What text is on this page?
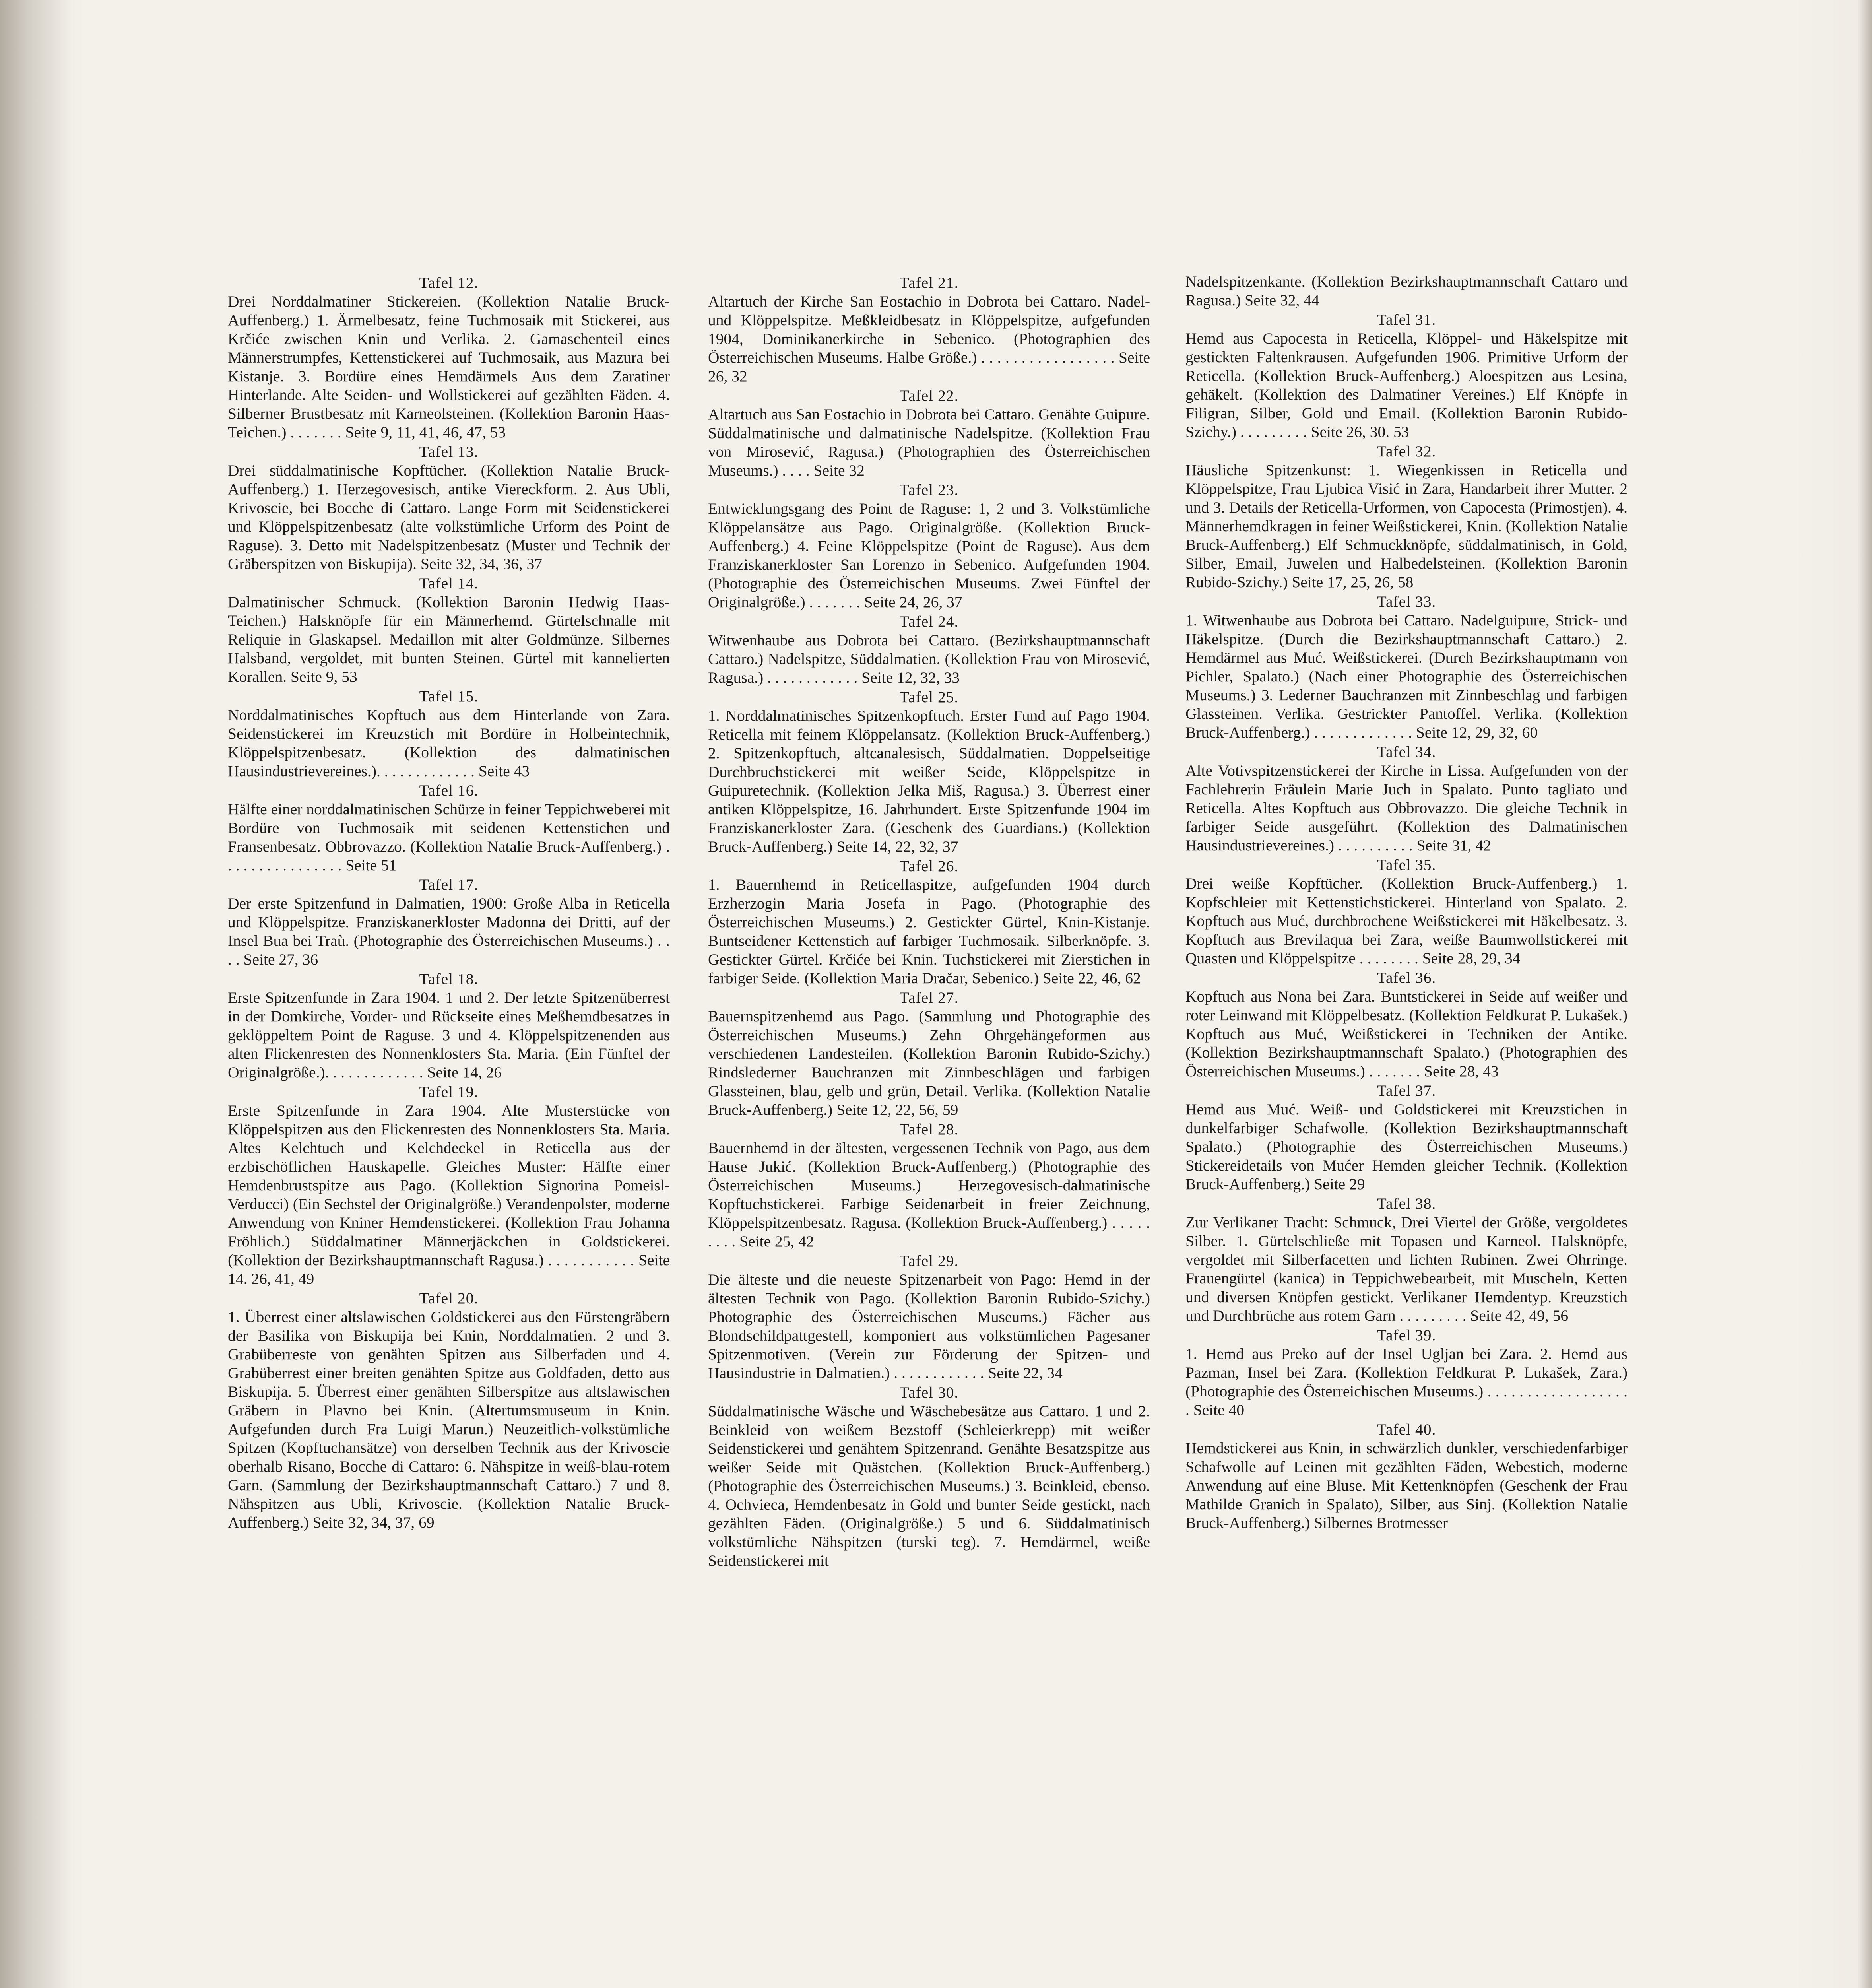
Tafel 12.
Drei Norddalmatiner Stickereien. (Kollektion Natalie Bruck-Auffenberg.) 1. Ärmelbesatz, feine Tuchmosaik mit Stickerei, aus Krčiće zwischen Knin und Verlika. 2. Gamaschenteil eines Männerstrumpfes, Kettenstickerei auf Tuchmosaik, aus Mazura bei Kistanje. 3. Bordüre eines Hemdärmels Aus dem Zaratiner Hinterlande. Alte Seiden- und Wollstickerei auf gezählten Fäden. 4. Silberner Brustbesatz mit Karneolsteinen. (Kollektion Baronin Haas-Teichen.) . . . . . . . Seite 9, 11, 41, 46, 47, 53
Tafel 13.
Drei süddalmatinische Kopftücher. (Kollektion Natalie Bruck-Auffenberg.) 1. Herzegovesisch, antike Viereckform. 2. Aus Ubli, Krivoscie, bei Bocche di Cattaro. Lange Form mit Seidenstickerei und Klöppelspitzenbesatz (alte volkstümliche Urform des Point de Raguse). 3. Detto mit Nadelspitzenbesatz (Muster und Technik der Gräberspitzen von Biskupija). Seite 32, 34, 36, 37
Tafel 14.
Dalmatinischer Schmuck. (Kollektion Baronin Hedwig Haas-Teichen.) Halsknöpfe für ein Männerhemd. Gürtelschnalle mit Reliquie in Glaskapsel. Medaillon mit alter Goldmünze. Silbernes Halsband, vergoldet, mit bunten Steinen. Gürtel mit kannelierten Korallen. Seite 9, 53
Tafel 15.
Norddalmatinisches Kopftuch aus dem Hinterlande von Zara. Seidenstickerei im Kreuzstich mit Bordüre in Holbeintechnik, Klöppelspitzenbesatz. (Kollektion des dalmatinischen Hausindustrievereines.). . . . . . . . . . . . . Seite 43
Tafel 16.
Hälfte einer norddalmatinischen Schürze in feiner Teppichweberei mit Bordüre von Tuchmosaik mit seidenen Kettenstichen und Fransenbesatz. Obbrovazzo. (Kollektion Natalie Bruck-Auffenberg.) . . . . . . . . . . . . . . . . Seite 51
Tafel 17.
Der erste Spitzenfund in Dalmatien, 1900: Große Alba in Reticella und Klöppelspitze. Franziskanerkloster Madonna dei Dritti, auf der Insel Bua bei Traù. (Photographie des Österreichischen Museums.) . . . . Seite 27, 36
Tafel 18.
Erste Spitzenfunde in Zara 1904. 1 und 2. Der letzte Spitzenüberrest in der Domkirche, Vorder- und Rückseite eines Meßhemdbesatzes in geklöppeltem Point de Raguse. 3 und 4. Klöppelspitzenenden aus alten Flickenresten des Nonnenklosters Sta. Maria. (Ein Fünftel der Originalgröße.). . . . . . . . . . . . . Seite 14, 26
Tafel 19.
Erste Spitzenfunde in Zara 1904. Alte Musterstücke von Klöppelspitzen aus den Flickenresten des Nonnenklosters Sta. Maria. Altes Kelchtuch und Kelchdeckel in Reticella aus der erzbischöflichen Hauskapelle. Gleiches Muster: Hälfte einer Hemdenbrustspitze aus Pago. (Kollektion Signorina Pomeisl-Verducci) (Ein Sechstel der Originalgröße.) Verandenpolster, moderne Anwendung von Kniner Hemdenstickerei. (Kollektion Frau Johanna Fröhlich.) Süddalmatiner Männerjäckchen in Goldstickerei. (Kollektion der Bezirkshauptmannschaft Ragusa.) . . . . . . . . . . . Seite 14. 26, 41, 49
Tafel 20.
1. Überrest einer altslawischen Goldstickerei aus den Fürstengräbern der Basilika von Biskupija bei Knin, Norddalmatien. 2 und 3. Grabüberreste von genähten Spitzen aus Silberfaden und 4. Grabüberrest einer breiten genähten Spitze aus Goldfaden, detto aus Biskupija. 5. Überrest einer genähten Silberspitze aus altslawischen Gräbern in Plavno bei Knin. (Altertumsmuseum in Knin. Aufgefunden durch Fra Luigi Marun.) Neuzeitlich-volkstümliche Spitzen (Kopftuchansätze) von derselben Technik aus der Krivoscie oberhalb Risano, Bocche di Cattaro: 6. Nähspitze in weiß-blau-rotem Garn. (Sammlung der Bezirkshauptmannschaft Cattaro.) 7 und 8. Nähspitzen aus Ubli, Krivoscie. (Kollektion Natalie Bruck-Auffenberg.) Seite 32, 34, 37, 69
Tafel 21.
Altartuch der Kirche San Eostachio in Dobrota bei Cattaro. Nadel- und Klöppelspitze. Meßkleidbesatz in Klöppelspitze, aufgefunden 1904, Dominikanerkirche in Sebenico. (Photographien des Österreichischen Museums. Halbe Größe.) . . . . . . . . . . . . . . . . . Seite 26, 32
Tafel 22.
Altartuch aus San Eostachio in Dobrota bei Cattaro. Genähte Guipure. Süddalmatinische und dalmatinische Nadelspitze. (Kollektion Frau von Mirosević, Ragusa.) (Photographien des Österreichischen Museums.) . . . . Seite 32
Tafel 23.
Entwicklungsgang des Point de Raguse: 1, 2 und 3. Volkstümliche Klöppelansätze aus Pago. Originalgröße. (Kollektion Bruck-Auffenberg.) 4. Feine Klöppelspitze (Point de Raguse). Aus dem Franziskanerkloster San Lorenzo in Sebenico. Aufgefunden 1904. (Photographie des Österreichischen Museums. Zwei Fünftel der Originalgröße.) . . . . . . . Seite 24, 26, 37
Tafel 24.
Witwenhaube aus Dobrota bei Cattaro. (Bezirkshauptmannschaft Cattaro.) Nadelspitze, Süddalmatien. (Kollektion Frau von Mirosević, Ragusa.) . . . . . . . . . . . . Seite 12, 32, 33
Tafel 25.
1. Norddalmatinisches Spitzenkopftuch. Erster Fund auf Pago 1904. Reticella mit feinem Klöppelansatz. (Kollektion Bruck-Auffenberg.) 2. Spitzenkopftuch, altcanalesisch, Süddalmatien. Doppelseitige Durchbruchstickerei mit weißer Seide, Klöppelspitze in Guipuretechnik. (Kollektion Jelka Miš, Ragusa.) 3. Überrest einer antiken Klöppelspitze, 16. Jahrhundert. Erste Spitzenfunde 1904 im Franziskanerkloster Zara. (Geschenk des Guardians.) (Kollektion Bruck-Auffenberg.) Seite 14, 22, 32, 37
Tafel 26.
1. Bauernhemd in Reticellaspitze, aufgefunden 1904 durch Erzherzogin Maria Josefa in Pago. (Photographie des Österreichischen Museums.) 2. Gestickter Gürtel, Knin-Kistanje. Buntseidener Kettenstich auf farbiger Tuchmosaik. Silberknöpfe. 3. Gestickter Gürtel. Krčiće bei Knin. Tuchstickerei mit Zierstichen in farbiger Seide. (Kollektion Maria Dračar, Sebenico.) Seite 22, 46, 62
Tafel 27.
Bauernspitzenhemd aus Pago. (Sammlung und Photographie des Österreichischen Museums.) Zehn Ohrgehängeformen aus verschiedenen Landesteilen. (Kollektion Baronin Rubido-Szichy.) Rindslederner Bauchranzen mit Zinnbeschlägen und farbigen Glassteinen, blau, gelb und grün, Detail. Verlika. (Kollektion Natalie Bruck-Auffenberg.) Seite 12, 22, 56, 59
Tafel 28.
Bauernhemd in der ältesten, vergessenen Technik von Pago, aus dem Hause Jukić. (Kollektion Bruck-Auffenberg.) (Photographie des Österreichischen Museums.) Herzegovesisch-dalmatinische Kopftuchstickerei. Farbige Seidenarbeit in freier Zeichnung, Klöppelspitzenbesatz. Ragusa. (Kollektion Bruck-Auffenberg.) . . . . . . . . . Seite 25, 42
Tafel 29.
Die älteste und die neueste Spitzenarbeit von Pago: Hemd in der ältesten Technik von Pago. (Kollektion Baronin Rubido-Szichy.) Photographie des Österreichischen Museums.) Fächer aus Blondschildpattgestell, komponiert aus volkstümlichen Pagesaner Spitzenmotiven. (Verein zur Förderung der Spitzen- und Hausindustrie in Dalmatien.) . . . . . . . . . . . . Seite 22, 34
Tafel 30.
Süddalmatinische Wäsche und Wäschebesätze aus Cattaro. 1 und 2. Beinkleid von weißem Bezstoff (Schleierkrepp) mit weißer Seidenstickerei und genähtem Spitzenrand. Genähte Besatzspitze aus weißer Seide mit Quästchen. (Kollektion Bruck-Auffenberg.) (Photographie des Österreichischen Museums.) 3. Beinkleid, ebenso. 4. Ochvieca, Hemdenbesatz in Gold und bunter Seide gestickt, nach gezählten Fäden. (Originalgröße.) 5 und 6. Süddalmatinisch volkstümliche Nähspitzen (turski teg). 7. Hemdärmel, weiße Seidenstickerei mit
Nadelspitzenkante. (Kollektion Bezirkshauptmannschaft Cattaro und Ragusa.) Seite 32, 44
Tafel 31.
Hemd aus Capocesta in Reticella, Klöppel- und Häkelspitze mit gestickten Faltenkrausen. Aufgefunden 1906. Primitive Urform der Reticella. (Kollektion Bruck-Auffenberg.) Aloespitzen aus Lesina, gehäkelt. (Kollektion des Dalmatiner Vereines.) Elf Knöpfe in Filigran, Silber, Gold und Email. (Kollektion Baronin Rubido-Szichy.) . . . . . . . . . Seite 26, 30. 53
Tafel 32.
Häusliche Spitzenkunst: 1. Wiegenkissen in Reticella und Klöppelspitze, Frau Ljubica Visić in Zara, Handarbeit ihrer Mutter. 2 und 3. Details der Reticella-Urformen, von Capocesta (Primostjen). 4. Männerhemdkragen in feiner Weißstickerei, Knin. (Kollektion Natalie Bruck-Auffenberg.) Elf Schmuckknöpfe, süddalmatinisch, in Gold, Silber, Email, Juwelen und Halbedelsteinen. (Kollektion Baronin Rubido-Szichy.) Seite 17, 25, 26, 58
Tafel 33.
1. Witwenhaube aus Dobrota bei Cattaro. Nadelguipure, Strick- und Häkelspitze. (Durch die Bezirkshauptmannschaft Cattaro.) 2. Hemdärmel aus Muć. Weißstickerei. (Durch Bezirkshauptmann von Pichler, Spalato.) (Nach einer Photographie des Österreichischen Museums.) 3. Lederner Bauchranzen mit Zinnbeschlag und farbigen Glassteinen. Verlika. Gestrickter Pantoffel. Verlika. (Kollektion Bruck-Auffenberg.) . . . . . . . . . . . . . Seite 12, 29, 32, 60
Tafel 34.
Alte Votivspitzenstickerei der Kirche in Lissa. Aufgefunden von der Fachlehrerin Fräulein Marie Juch in Spalato. Punto tagliato und Reticella. Altes Kopftuch aus Obbrovazzo. Die gleiche Technik in farbiger Seide ausgeführt. (Kollektion des Dalmatinischen Hausindustrievereines.) . . . . . . . . . . Seite 31, 42
Tafel 35.
Drei weiße Kopftücher. (Kollektion Bruck-Auffenberg.) 1. Kopfschleier mit Kettenstichstickerei. Hinterland von Spalato. 2. Kopftuch aus Muć, durchbrochene Weißstickerei mit Häkelbesatz. 3. Kopftuch aus Brevilaqua bei Zara, weiße Baumwollstickerei mit Quasten und Klöppelspitze . . . . . . . . Seite 28, 29, 34
Tafel 36.
Kopftuch aus Nona bei Zara. Buntstickerei in Seide auf weißer und roter Leinwand mit Klöppelbesatz. (Kollektion Feldkurat P. Lukašek.) Kopftuch aus Muć, Weißstickerei in Techniken der Antike. (Kollektion Bezirkshauptmannschaft Spalato.) (Photographien des Österreichischen Museums.) . . . . . . . Seite 28, 43
Tafel 37.
Hemd aus Muć. Weiß- und Goldstickerei mit Kreuzstichen in dunkelfarbiger Schafwolle. (Kollektion Bezirkshauptmannschaft Spalato.) (Photographie des Österreichischen Museums.) Stickereidetails von Mućer Hemden gleicher Technik. (Kollektion Bruck-Auffenberg.) Seite 29
Tafel 38.
Zur Verlikaner Tracht: Schmuck, Drei Viertel der Größe, vergoldetes Silber. 1. Gürtelschließe mit Topasen und Karneol. Halsknöpfe, vergoldet mit Silberfacetten und lichten Rubinen. Zwei Ohrringe. Frauengürtel (kanica) in Teppichwebearbeit, mit Muscheln, Ketten und diversen Knöpfen gestickt. Verlikaner Hemdentyp. Kreuzstich und Durchbrüche aus rotem Garn . . . . . . . . . Seite 42, 49, 56
Tafel 39.
1. Hemd aus Preko auf der Insel Ugljan bei Zara. 2. Hemd aus Pazman, Insel bei Zara. (Kollektion Feldkurat P. Lukašek, Zara.) (Photographie des Österreichischen Museums.) . . . . . . . . . . . . . . . . . . . Seite 40
Tafel 40.
Hemdstickerei aus Knin, in schwärzlich dunkler, verschiedenfarbiger Schafwolle auf Leinen mit gezählten Fäden, Webestich, moderne Anwendung auf eine Bluse. Mit Kettenknöpfen (Geschenk der Frau Mathilde Granich in Spalato), Silber, aus Sinj. (Kollektion Natalie Bruck-Auffenberg.) Silbernes Brotmesser
